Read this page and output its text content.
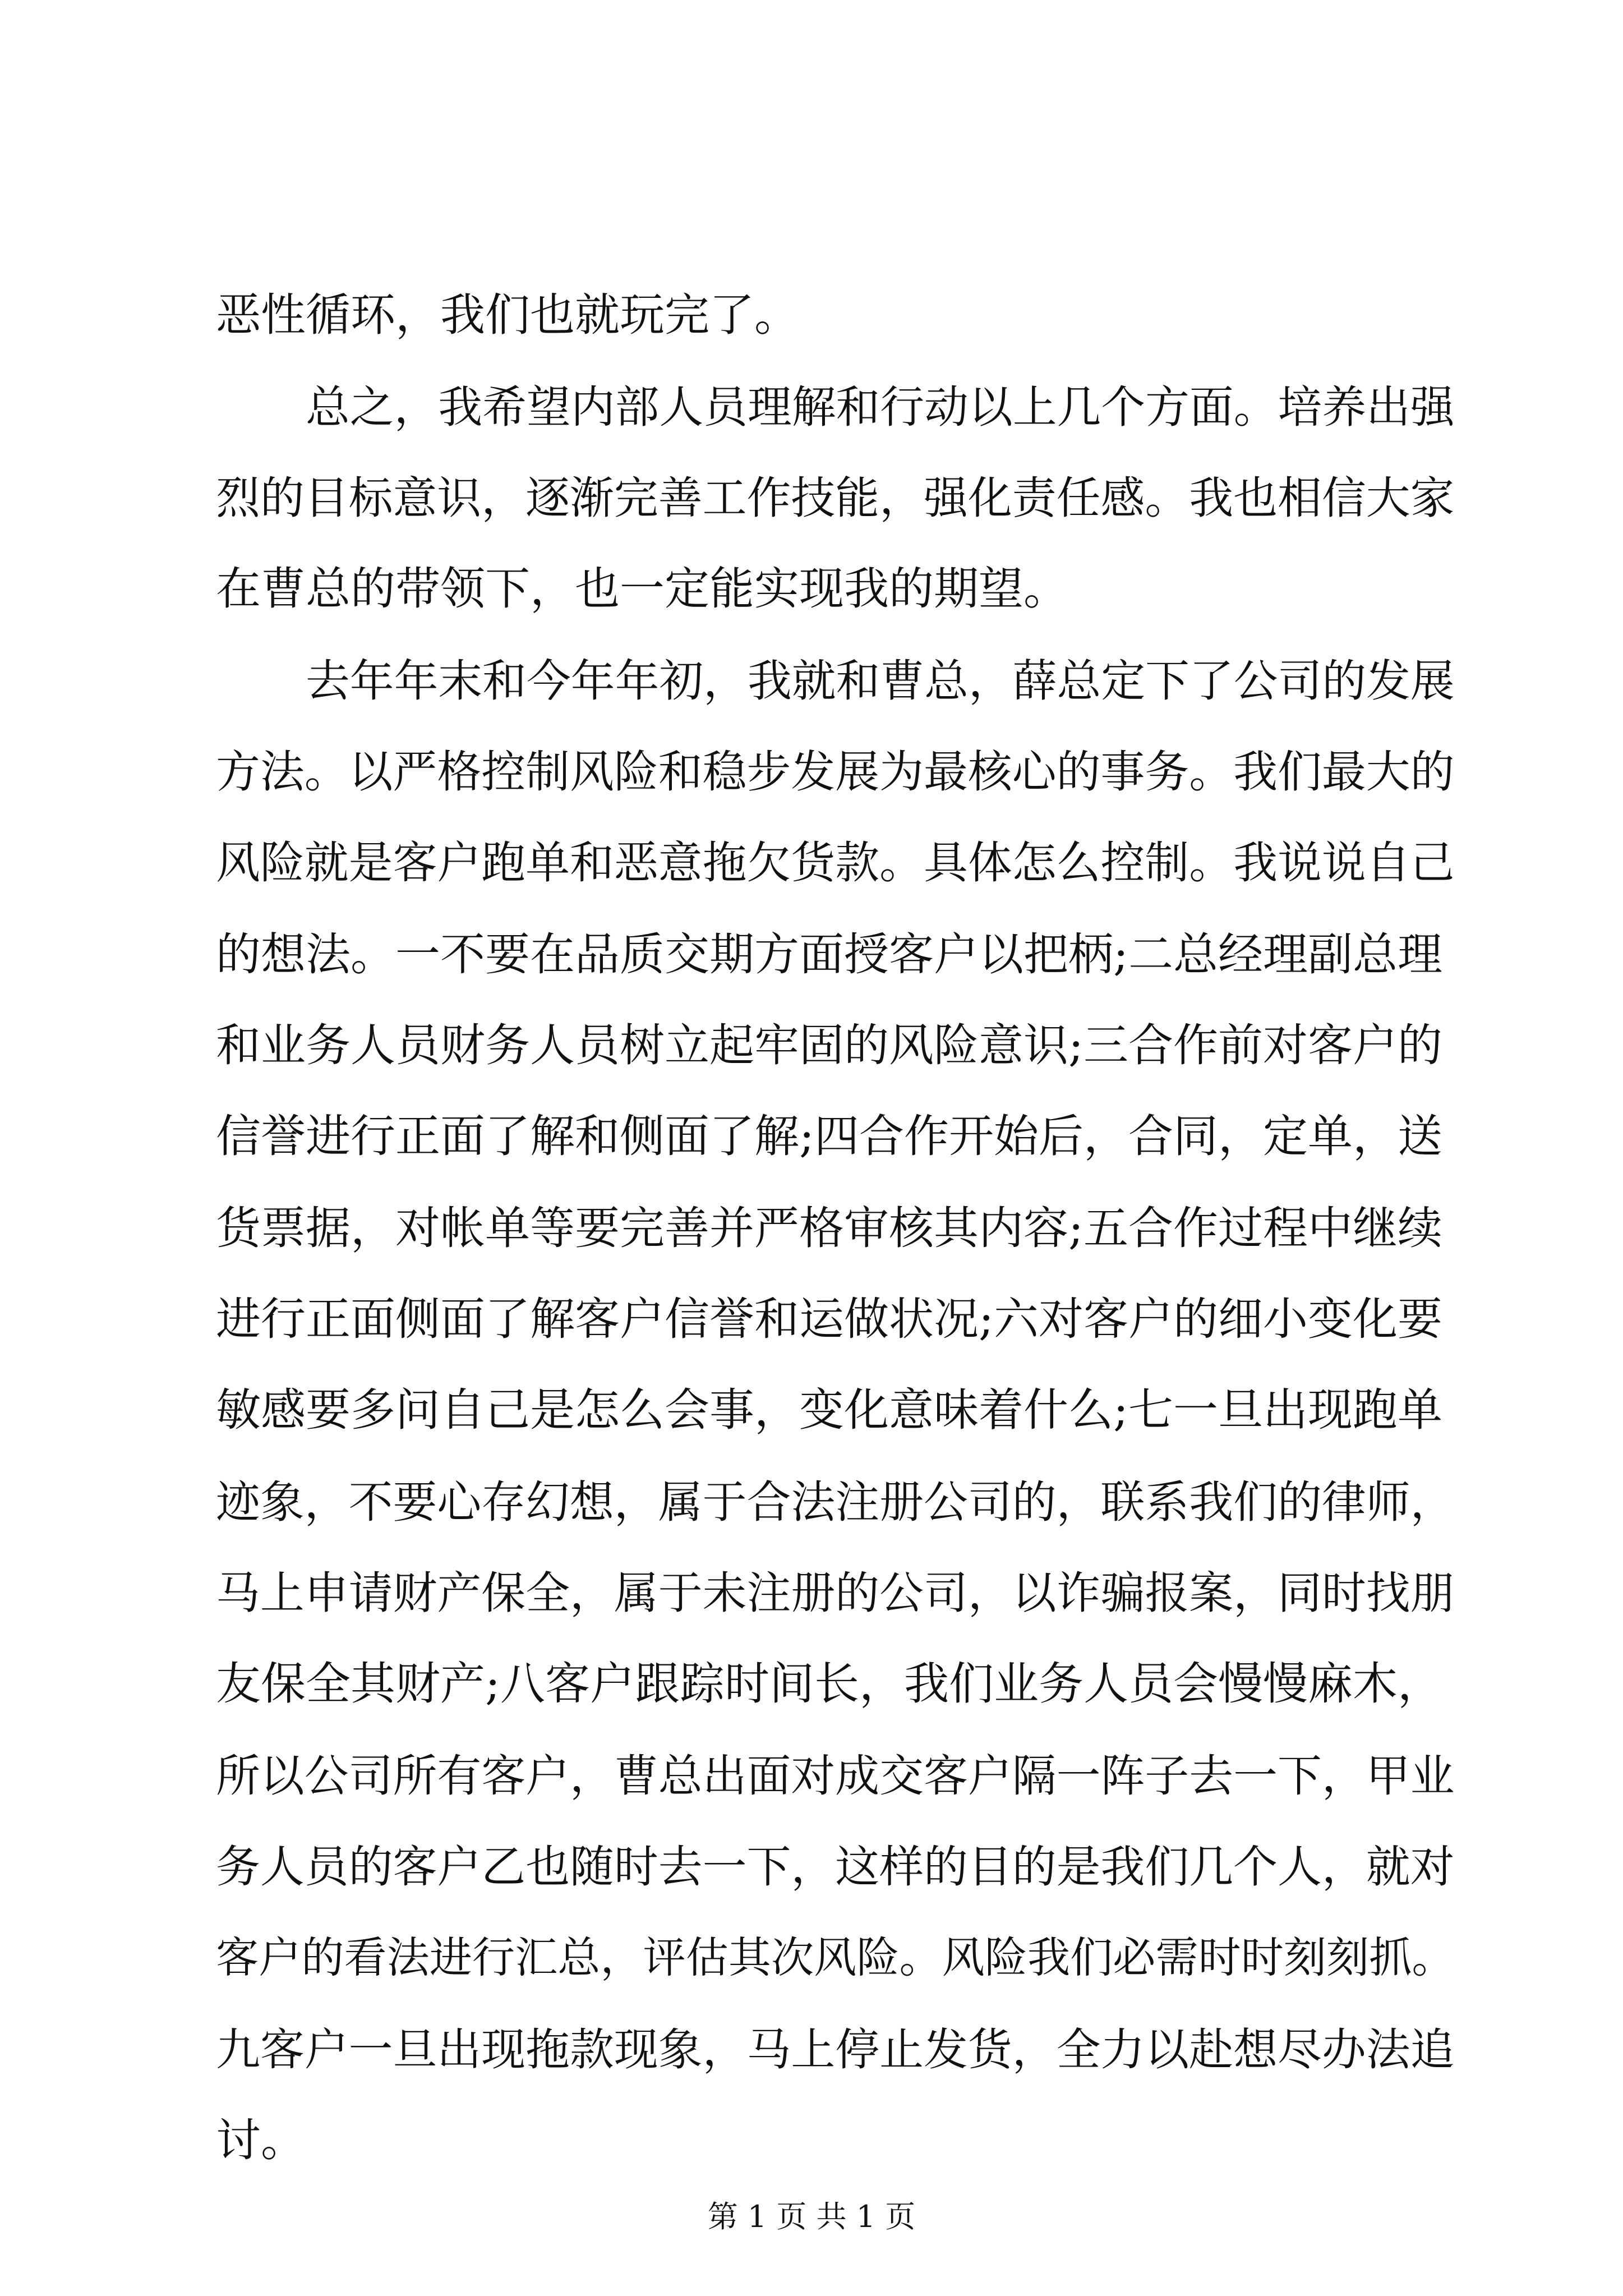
恶性循环，我们也就玩完了。
总之，我希望内部人员理解和行动以上几个方面。培养出强
烈的目标意识，逐渐完善工作技能，强化责任感。我也相信大家
在曹总的带领下，也一定能实现我的期望。
去年年末和今年年初，我就和曹总，薛总定下了公司的发展
方法。以严格控制风险和稳步发展为最核心的事务。我们最大的
风险就是客户跑单和恶意拖欠货款。具体怎么控制。我说说自己
的想法。一不要在品质交期方面授客户以把柄;二总经理副总理
和业务人员财务人员树立起牢固的风险意识;三合作前对客户的
信誉进行正面了解和侧面了解;四合作开始后，合同，定单，送
货票据，对帐单等要完善并严格审核其内容;五合作过程中继续
进行正面侧面了解客户信誉和运做状况;六对客户的细小变化要
敏感要多问自己是怎么会事，变化意味着什么;七一旦出现跑单
迹象，不要心存幻想，属于合法注册公司的，联系我们的律师，
马上申请财产保全，属于未注册的公司，以诈骗报案，同时找朋
友保全其财产;八客户跟踪时间长，我们业务人员会慢慢麻木，
所以公司所有客户，曹总出面对成交客户隔一阵子去一下，甲业
务人员的客户乙也随时去一下，这样的目的是我们几个人，就对
客户的看法进行汇总，评估其次风险。风险我们必需时时刻刻抓。
九客户一旦出现拖款现象，马上停止发货，全力以赴想尽办法追
讨。
第 1 页 共 1 页
